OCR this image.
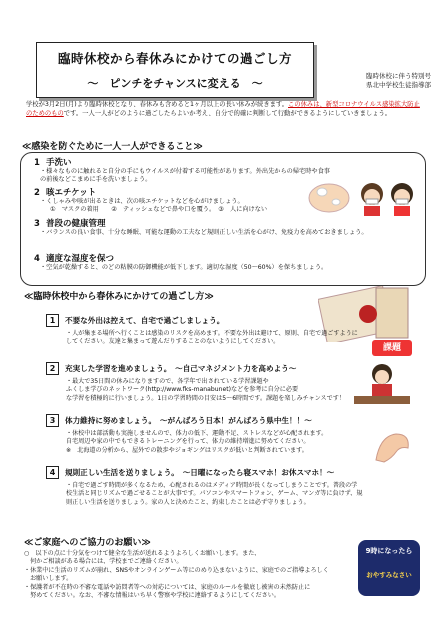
臨時休校から春休みにかけての過ごし方
～　ピンチをチャンスに変える　～
臨時休校に伴う特別号
県北中学校生徒指導部
学校が3月2日(月)より臨時休校となり、春休みも含めると1ヶ月以上の長い休みが続きます。この休みは、新型コロナウイルス感染拡大防止のためのものです。一人一人がどのように過ごしたらよいか考え、自分で的確に判断して行動ができるようにしていきましょう。
≪感染を防ぐために一人一人ができること≫
1 手洗い
・様々なものに触れると自分の手にもウイルスが付着する可能性があります。外出先からの帰宅時や食事
の前後などこまめに手を洗いましょう。
2 咳エチケット
・くしゃみや咳が出るときは、次の咳エチケットなどを心がけましょう。
①　マスクの着用　　②　ティッシュなどで鼻や口を覆う。　③　人に向けない
3 普段の健康管理
・バランスの良い食事、十分な睡眠、可能な運動の工夫など規則正しい生活を心がけ、免疫力を高めておきましょう。
4 適度な湿度を保つ
・空気が乾燥すると、のどの粘膜の防御機能が低下します。適切な湿度（50～60%）を保ちましょう。
≪臨時休校中から春休みにかけての過ごし方≫
1 不要な外出は控えて、自宅で過ごしましょう。
・人が集まる場所へ行くことは感染のリスクを高めます。不要な外出は避けて、原則、自宅で過ごすように
してください。友達と集まって遊んだりすることのないようにしてください。
2 充実した学習を進めましょう。　～自己マネジメント力を高めよう～
・最大で35日間の休みになりますので、各学年で出されている学習課題や
ふくしま学びのネットワーク(http://www.fks-manabunet)などを参考に自分に必要
な学習を積極的に行いましょう。1日の学習時間の目安は5～6時間です。課題を楽しみチャンスです！
課題
3 体力維持に努めましょう。　～がんばろう日本！がんばろう県中生！！～
・休校中は部活動も実施しませんので、体力の低下、運動不足、ストレスなどが心配されます。
自宅周辺や家の中でもできるトレーニングを行って、体力の維持増進に努めてください。
※　北海道の分析から、屋外での散歩やジョギングはリスクが低いと判断されています。
4 規則正しい生活を送りましょう。　～日曜になったら寝スマホ！お休スマホ！～
・自宅で過ごす時間が多くなるため、心配されるのはメディア時間が長くなってしまうことです。普段の学
校生活と同じリズムで過ごせることが大事です。パソコンやスマートフォン、ゲーム、マンガ等に負けず、規
則正しい生活を送りましょう。家の人と決めたこと、約束したことは必ず守りましょう。
≪ご家庭へのご協力のお願い≫
○　以下の点に十分気をつけて健全な生活が送れるようよろしくお願いします。また、
　何かご相談がある場合には、学校までご連絡ください。
・休業中に生活のリズムが崩れ、SNSやオンラインゲーム等にのめり込まないように、家庭でのご指導よろしく
　お願いします。
・保護者が不在時の不審な電話や訪問者等への対応については、家庭のルールを徹底し被害の未然防止に
　努めてください。なお、不審な情報はいち早く警察や学校に連絡するようにしてください。
9時になったら
おやすみなさい
